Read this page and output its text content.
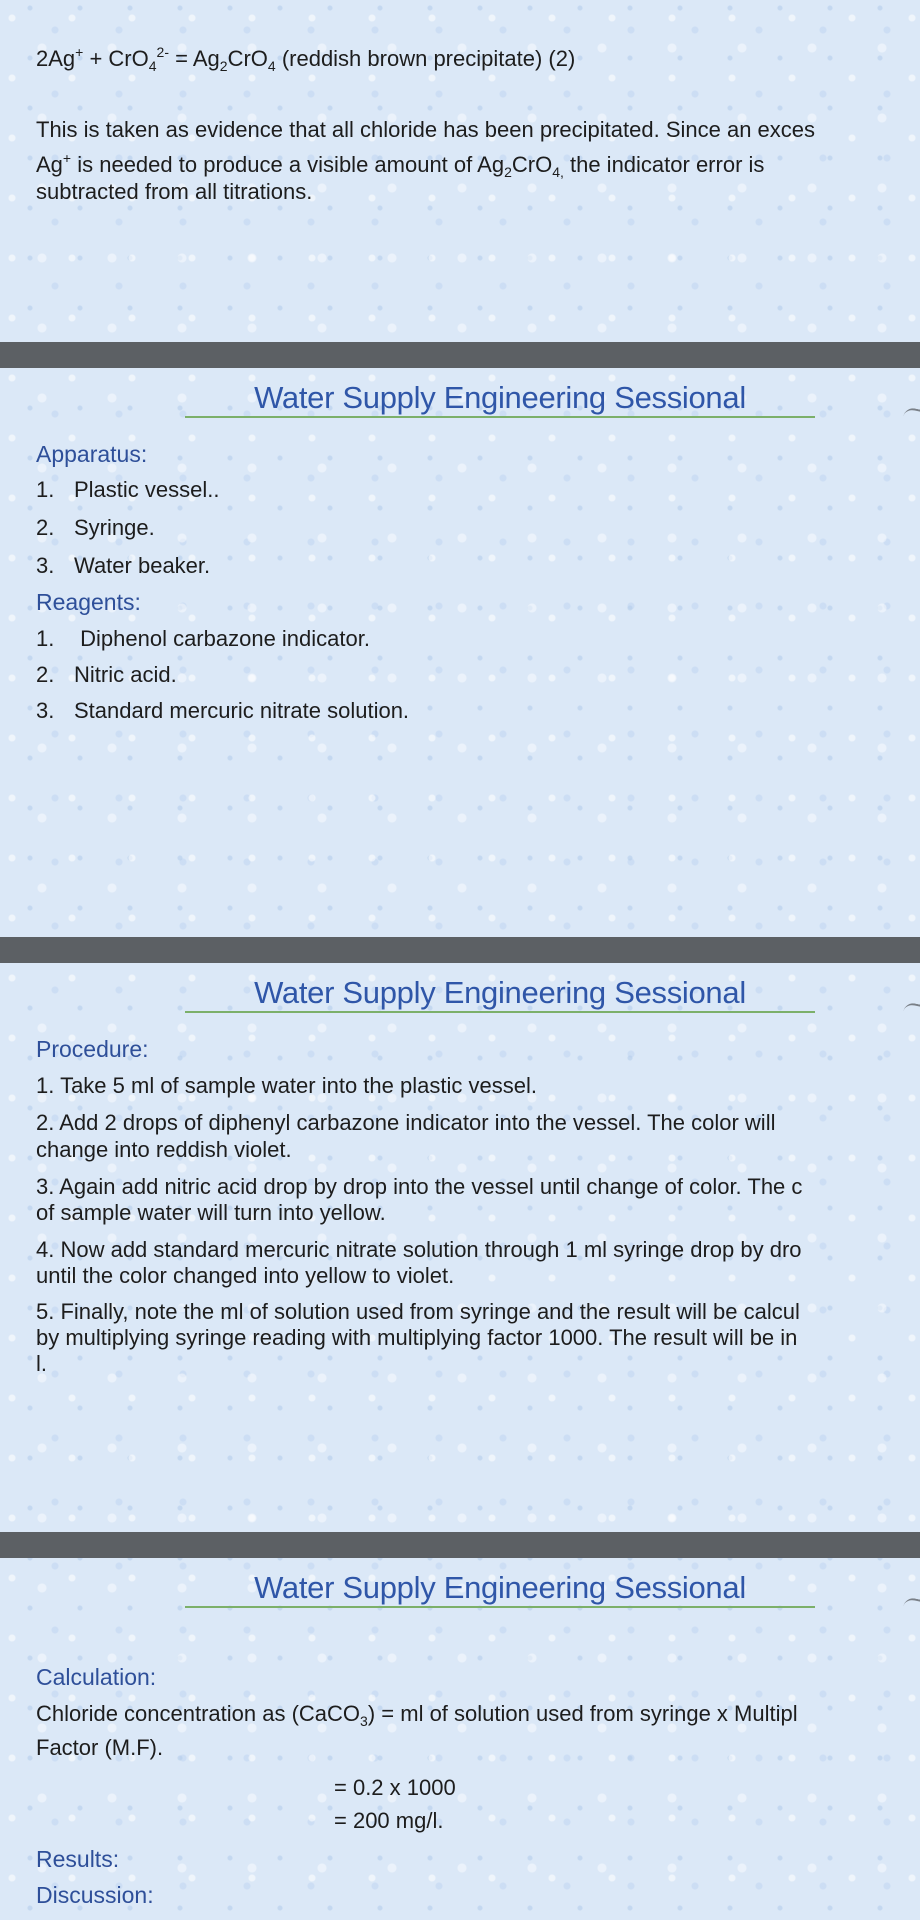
$2Ag^+ + CrO_4^{2-} = Ag_2CrO_4$ (reddish brown precipitate) (2)
This is taken as evidence that all chloride has been precipitated. Since an exces
Ag+ is needed to produce a visible amount of $Ag_2CrO_{4,}$ the indicator error is
subtracted from all titrations.
Water Supply Engineering Sessional
Apparatus:
1. Plastic vessel..
2. Syringe.
3. Water beaker.
Reagents:
1. Diphenol carbazone indicator.
2. Nitric acid.
3. Standard mercuric nitrate solution.
Water Supply Engineering Sessional
Procedure:
1. Take 5 ml of sample water into the plastic vessel.
2. Add 2 drops of diphenyl carbazone indicator into the vessel. The color will
change into reddish violet.
3. Again add nitric acid drop by drop into the vessel until change of color. The c
of sample water will turn into yellow.
4. Now add standard mercuric nitrate solution through 1 ml syringe drop by dro
until the color changed into yellow to violet.
5. Finally, note the ml of solution used from syringe and the result will be calcul
by multiplying syringe reading with multiplying factor 1000. The result will be in
l.
Water Supply Engineering Sessional
Calculation:
Chloride concentration as (CaCO$_3$) = ml of solution used from syringe x Multipl
Factor (M.F).
= 0.2 x 1000
= 200 mg/l.
Results:
Discussion:
